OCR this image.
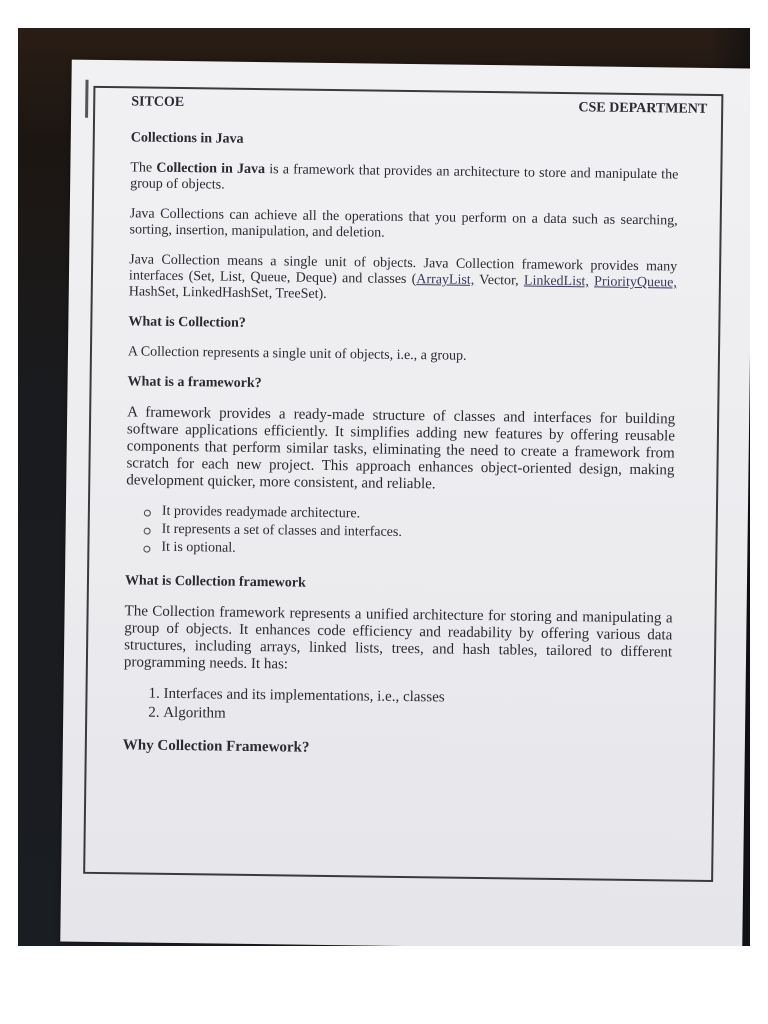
SITCOE	CSE DEPARTMENT
Collections in Java

The Collection in Java is a framework that provides an architecture to store and manipulate the group of objects.

Java Collections can achieve all the operations that you perform on a data such as searching, sorting, insertion, manipulation, and deletion.

Java Collection means a single unit of objects. Java Collection framework provides many interfaces (Set, List, Queue, Deque) and classes (ArrayList, Vector, LinkedList, PriorityQueue, HashSet, LinkedHashSet, TreeSet).

What is Collection?

A Collection represents a single unit of objects, i.e., a group.

What is a framework?

A framework provides a ready-made structure of classes and interfaces for building software applications efficiently. It simplifies adding new features by offering reusable components that perform similar tasks, eliminating the need to create a framework from scratch for each new project. This approach enhances object-oriented design, making development quicker, more consistent, and reliable.

It provides readymade architecture.
It represents a set of classes and interfaces.
It is optional.
What is Collection framework

The Collection framework represents a unified architecture for storing and manipulating a group of objects. It enhances code efficiency and readability by offering various data structures, including arrays, linked lists, trees, and hash tables, tailored to different programming needs. It has:

1. Interfaces and its implementations, i.e., classes
2. Algorithm
Why Collection Framework?
